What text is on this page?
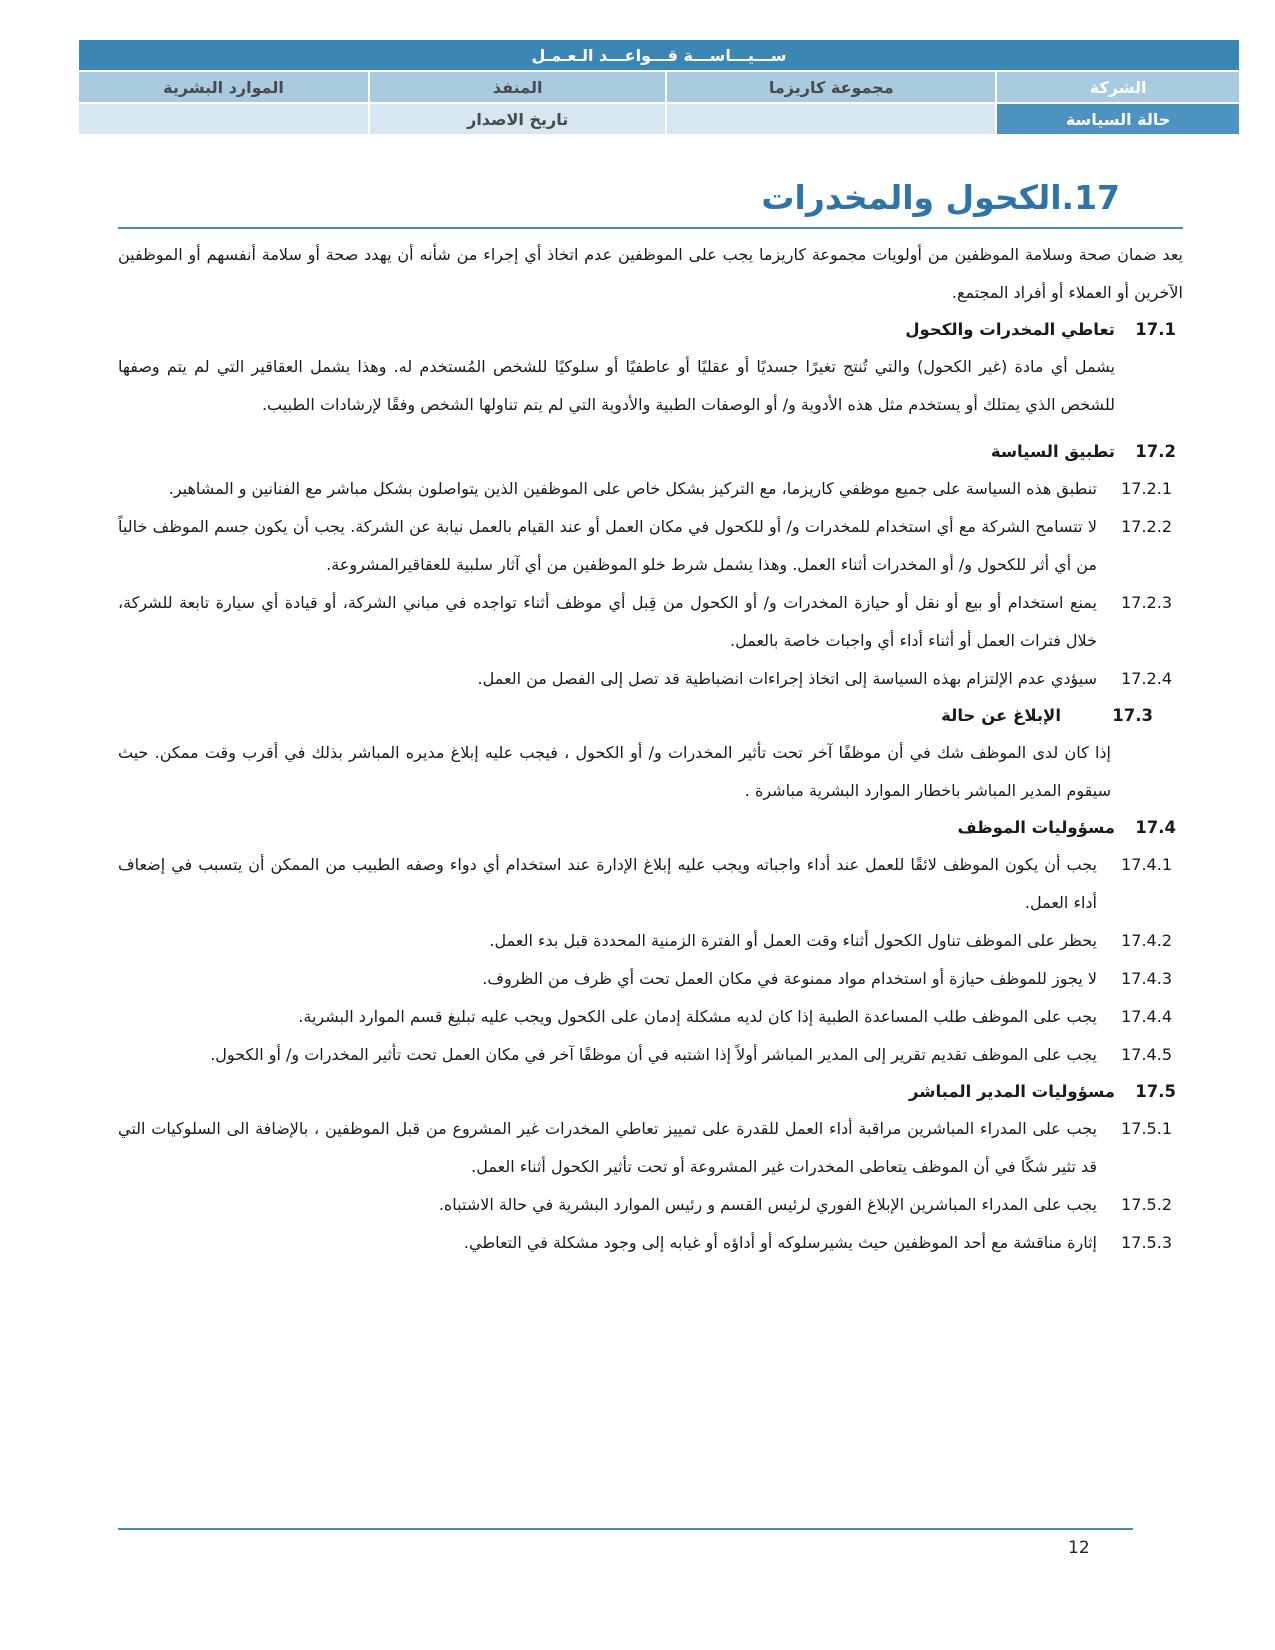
ســـيـــاســـة قـــواعـــد الـعـمـل			
الموارد البشرية	المنفذ	مجموعة كاريزما	الشركة
	تاريخ الاصدار		حالة السياسة
17.الكحول والمخدرات

يعد ضمان صحة وسلامة الموظفين من أولويات مجموعة كاريزما يجب على الموظفين عدم اتخاذ أي إجراء من شأنه أن يهدد صحة أو سلامة أنفسهم أو الموظفين الآخرين أو العملاء أو أفراد المجتمع.

17.1
تعاطي المخدرات والكحول

يشمل أي مادة (غير الكحول) والتي تُنتج تغيرًا جسديًا أو عقليًا أو عاطفيًا أو سلوكيًا للشخص المُستخدم له. وهذا يشمل العقاقير التي لم يتم وصفها للشخص الذي يمتلك أو يستخدم مثل هذه الأدوية و/ أو الوصفات الطبية والأدوية التي لم يتم تناولها الشخص وفقًا لإرشادات الطبيب.

17.2
تطبيق السياسة
17.2.1
تنطبق هذه السياسة على جميع موظفي كاريزما، مع التركيز بشكل خاص على الموظفين الذين يتواصلون بشكل مباشر مع الفنانين و المشاهير.
17.2.2
لا تتسامح الشركة مع أي استخدام للمخدرات و/ أو للكحول في مكان العمل أو عند القيام بالعمل نيابة عن الشركة. يجب أن يكون جسم الموظف خالياً من أي أثر للكحول و/ أو المخدرات أثناء العمل. وهذا يشمل شرط خلو الموظفين من أي آثار سلبية للعقاقيرالمشروعة.
17.2.3
يمنع استخدام أو بيع أو نقل أو حيازة المخدرات و/ أو الكحول من قِبل أي موظف أثناء تواجده في مباني الشركة، أو قيادة أي سيارة تابعة للشركة، خلال فترات العمل أو أثناء أداء أي واجبات خاصة بالعمل.
17.2.4
سيؤدي عدم الإلتزام بهذه السياسة إلى اتخاذ إجراءات انضباطية قد تصل إلى الفصل من العمل.
17.3
الإبلاغ عن حالة

إذا كان لدى الموظف شك في أن موظفًا آخر تحت تأثير المخدرات و/ أو الكحول ، فيجب عليه إبلاغ مديره المباشر بذلك في أقرب وقت ممكن. حيث سيقوم المدير المباشر باخطار الموارد البشرية مباشرة .

17.4
مسؤوليات الموظف
17.4.1
يجب أن يكون الموظف لائقًا للعمل عند أداء واجباته ويجب عليه إبلاغ الإدارة عند استخدام أي دواء وصفه الطبيب من الممكن أن يتسبب في إضعاف أداء العمل.
17.4.2
يحظر على الموظف تناول الكحول أثناء وقت العمل أو الفترة الزمنية المحددة قبل بدء العمل.
17.4.3
لا يجوز للموظف حيازة أو استخدام مواد ممنوعة في مكان العمل تحت أي ظرف من الظروف.
17.4.4
يجب على الموظف طلب المساعدة الطبية إذا كان لديه مشكلة إدمان على الكحول ويجب عليه تبليغ قسم الموارد البشرية.
17.4.5
يجب على الموظف تقديم تقرير إلى المدير المباشر أولاً إذا اشتبه في أن موظفًا آخر في مكان العمل تحت تأثير المخدرات و/ أو الكحول.
17.5
مسؤوليات المدير المباشر
17.5.1
يجب على المدراء المباشرين مراقبة أداء العمل للقدرة على تمييز تعاطي المخدرات غير المشروع من قبل الموظفين ، بالإضافة الى السلوكيات التي قد تثير شكًا في أن الموظف يتعاطى المخدرات غير المشروعة أو تحت تأثير الكحول أثناء العمل.
17.5.2
يجب على المدراء المباشرين الإبلاغ الفوري لرئيس القسم و رئيس الموارد البشرية في حالة الاشتباه.
17.5.3
إثارة مناقشة مع أحد الموظفين حيث يشيرسلوكه أو أداؤه أو غيابه إلى وجود مشكلة في التعاطي.
12
